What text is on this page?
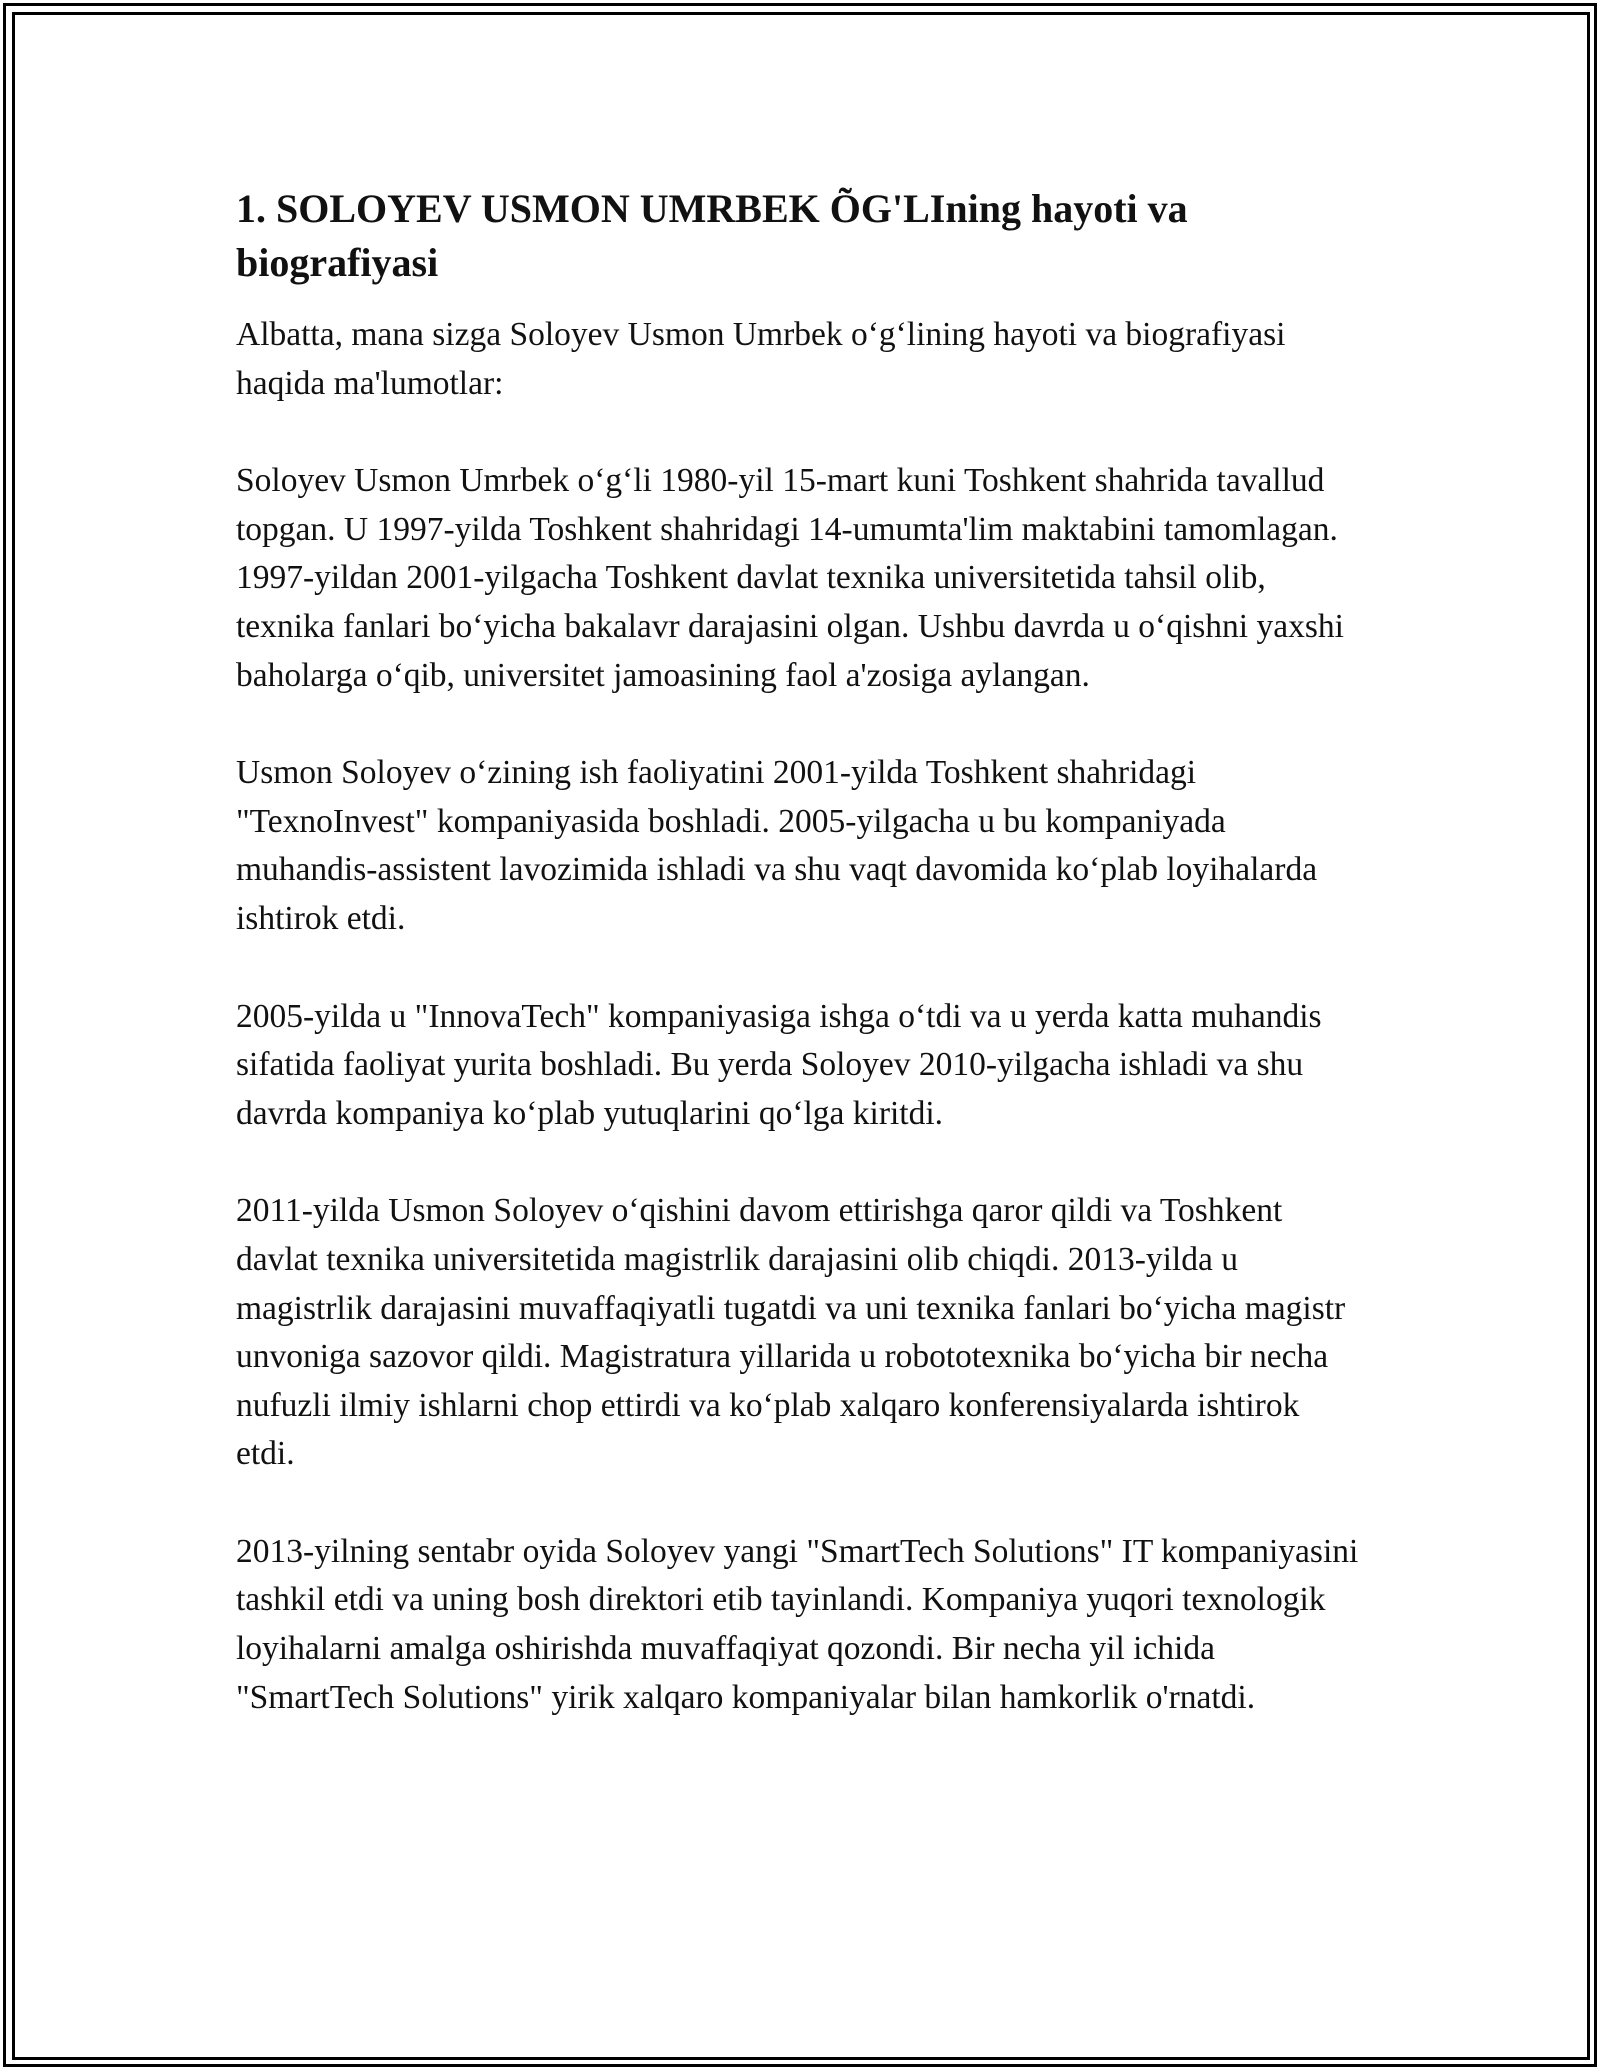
1. SOLOYEV USMON UMRBEK ÕG'LIning hayoti va biografiyasi

Albatta, mana sizga Soloyev Usmon Umrbek o‘g‘lining hayoti va biografiyasi haqida ma'lumotlar:

Soloyev Usmon Umrbek o‘g‘li 1980-yil 15-mart kuni Toshkent shahrida tavallud topgan. U 1997-yilda Toshkent shahridagi 14-umumta'lim maktabini tamomlagan. 1997-yildan 2001-yilgacha Toshkent davlat texnika universitetida tahsil olib, texnika fanlari bo‘yicha bakalavr darajasini olgan. Ushbu davrda u o‘qishni yaxshi baholarga o‘qib, universitet jamoasining faol a'zosiga aylangan.

Usmon Soloyev o‘zining ish faoliyatini 2001-yilda Toshkent shahridagi "TexnoInvest" kompaniyasida boshladi. 2005-yilgacha u bu kompaniyada muhandis-assistent lavozimida ishladi va shu vaqt davomida ko‘plab loyihalarda ishtirok etdi.

2005-yilda u "InnovaTech" kompaniyasiga ishga o‘tdi va u yerda katta muhandis sifatida faoliyat yurita boshladi. Bu yerda Soloyev 2010-yilgacha ishladi va shu davrda kompaniya ko‘plab yutuqlarini qo‘lga kiritdi.

2011-yilda Usmon Soloyev o‘qishini davom ettirishga qaror qildi va Toshkent davlat texnika universitetida magistrlik darajasini olib chiqdi. 2013-yilda u magistrlik darajasini muvaffaqiyatli tugatdi va uni texnika fanlari bo‘yicha magistr unvoniga sazovor qildi. Magistratura yillarida u robototexnika bo‘yicha bir necha nufuzli ilmiy ishlarni chop ettirdi va ko‘plab xalqaro konferensiyalarda ishtirok etdi.

2013-yilning sentabr oyida Soloyev yangi "SmartTech Solutions" IT kompaniyasini tashkil etdi va uning bosh direktori etib tayinlandi. Kompaniya yuqori texnologik loyihalarni amalga oshirishda muvaffaqiyat qozondi. Bir necha yil ichida "SmartTech Solutions" yirik xalqaro kompaniyalar bilan hamkorlik o'rnatdi.
